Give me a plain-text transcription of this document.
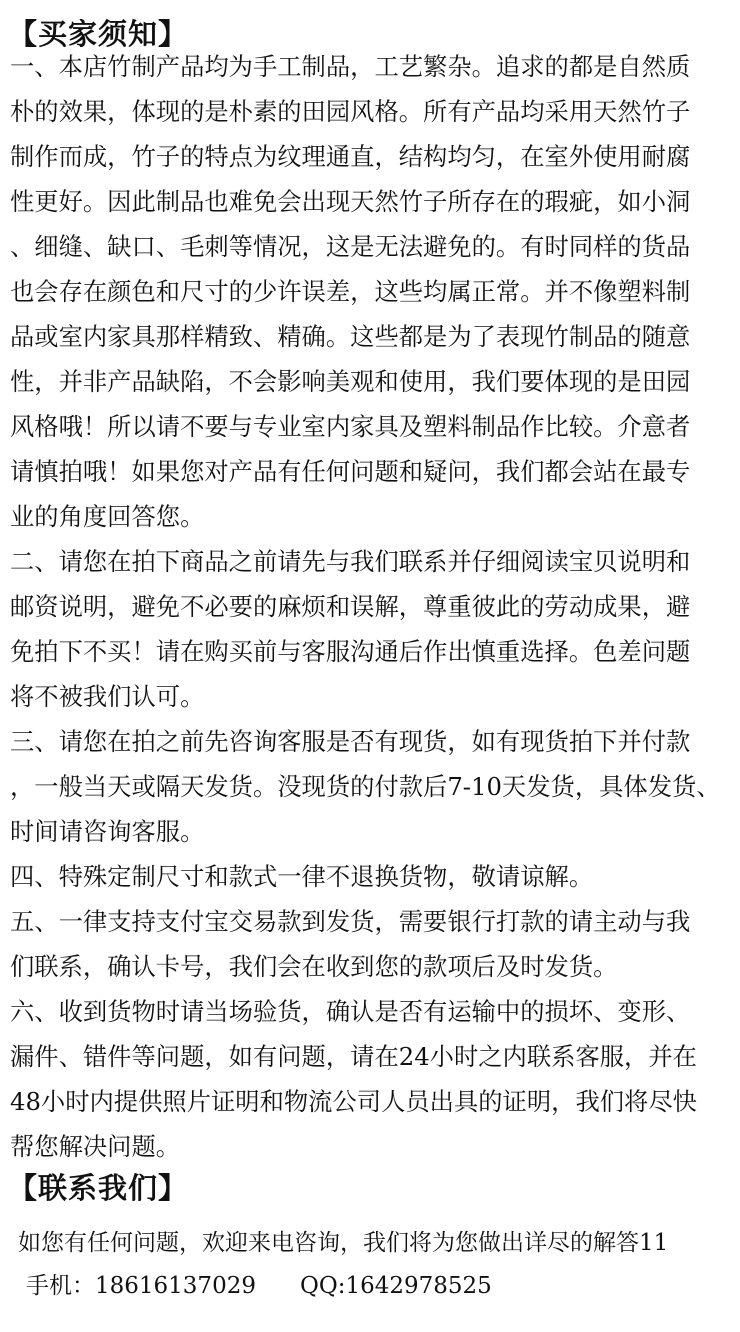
【买家须知】
一、本店竹制产品均为手工制品，工艺繁杂。追求的都是自然质
朴的效果，体现的是朴素的田园风格。所有产品均采用天然竹子
制作而成，竹子的特点为纹理通直，结构均匀，在室外使用耐腐
性更好。因此制品也难免会出现天然竹子所存在的瑕疵，如小洞
、细缝、缺口、毛刺等情况，这是无法避免的。有时同样的货品
也会存在颜色和尺寸的少许误差，这些均属正常。并不像塑料制
品或室内家具那样精致、精确。这些都是为了表现竹制品的随意
性，并非产品缺陷，不会影响美观和使用，我们要体现的是田园
风格哦！所以请不要与专业室内家具及塑料制品作比较。介意者
请慎拍哦！如果您对产品有任何问题和疑问，我们都会站在最专
业的角度回答您。
二、请您在拍下商品之前请先与我们联系并仔细阅读宝贝说明和
邮资说明，避免不必要的麻烦和误解，尊重彼此的劳动成果，避
免拍下不买！请在购买前与客服沟通后作出慎重选择。色差问题
将不被我们认可。
三、请您在拍之前先咨询客服是否有现货，如有现货拍下并付款
，一般当天或隔天发货。没现货的付款后7-10天发货，具体发货、
时间请咨询客服。
四、特殊定制尺寸和款式一律不退换货物，敬请谅解。
五、一律支持支付宝交易款到发货，需要银行打款的请主动与我
们联系，确认卡号，我们会在收到您的款项后及时发货。
六、收到货物时请当场验货，确认是否有运输中的损坏、变形、
漏件、错件等问题，如有问题，请在24小时之内联系客服，并在
48小时内提供照片证明和物流公司人员出具的证明，我们将尽快
帮您解决问题。
【联系我们】
如您有任何问题，欢迎来电咨询，我们将为您做出详尽的解答11
手机：18616137029 QQ:1642978525
